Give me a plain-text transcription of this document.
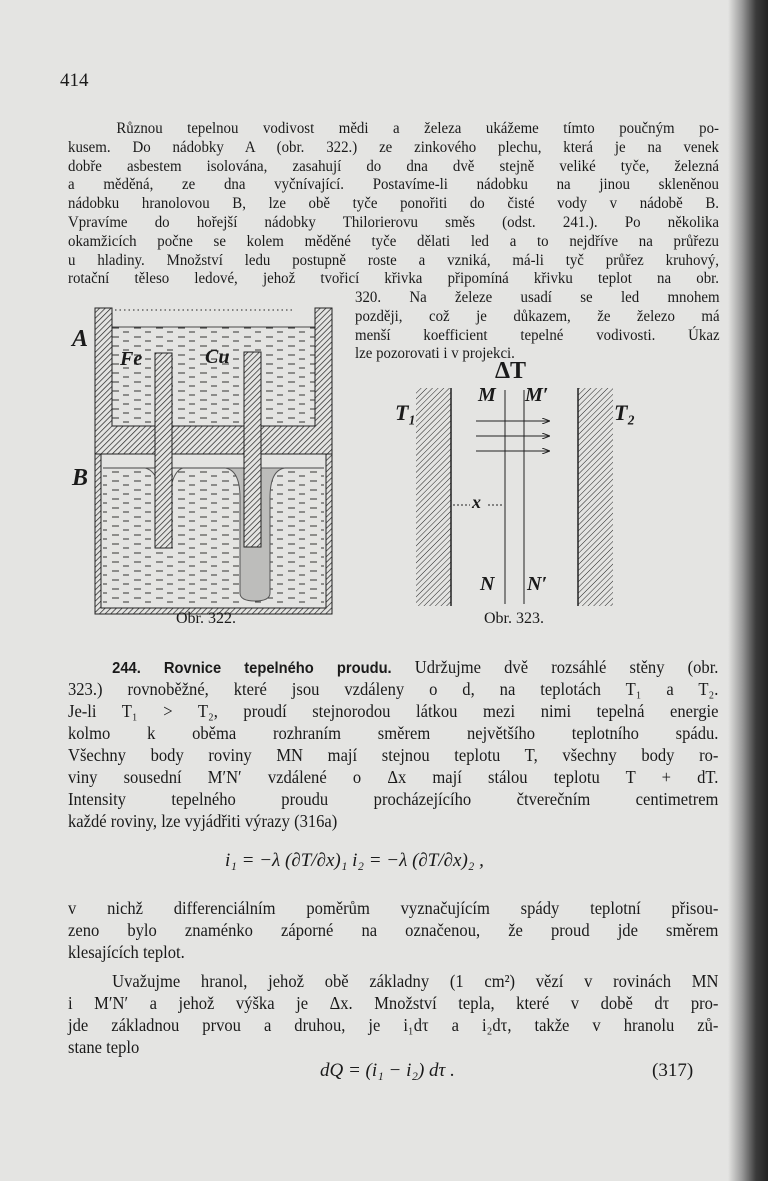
414
Různou tepelnou vodivost mědi a železa ukážeme tímto poučným po-
kusem. Do nádobky A (obr. 322.) ze zinkového plechu, která je na venek
dobře asbestem isolována, zasahují do dna dvě stejně veliké tyče, železná
a měděná, ze dna vyčnívající. Postavíme-li nádobku na jinou skleněnou
nádobku hranolovou B, lze obě tyče ponořiti do čisté vody v nádobě B.
Vpravíme do hořejší nádobky Thilorierovu směs (odst. 241.). Po několika
okamžicích počne se kolem měděné tyče dělati led a to nejdříve na průřezu
u hladiny. Množství ledu postupně roste a vzniká, má-li tyč průřez kruhový,
rotační těleso ledové, jehož tvořicí křivka připomíná křivku teplot na obr.
320. Na železe usadí se led mnohem
později, což je důkazem, že železo má
menší koefficient tepelné vodivosti. Úkaz
lze pozorovati i v projekci.
A
B
Fe	Cu
Obr. 322.
ΔT
T₁	T₂
M M′
N N′
x
Obr. 323.
244. Rovnice tepelného proudu. Udržujme dvě rozsáhlé stěny (obr.
323.) rovnoběžné, které jsou vzdáleny o d, na teplotách T₁ a T₂.
Je-li T₁ > T₂, proudí stejnorodou látkou mezi nimi tepelná energie
kolmo k oběma rozhraním směrem největšího teplotního spádu.
Všechny body roviny MN mají stejnou teplotu T, všechny body ro-
viny sousední M′N′ vzdálené o Δx mají stálou teplotu T + dT.
Intensity tepelného proudu procházejícího čtverečním centimetrem
každé roviny, lze vyjádřiti výrazy (316a)
v nichž differenciálním poměrům vyznačujícím spády teplotní přisou-
zeno bylo znaménko záporné na označenou, že proud jde směrem
klesajících teplot.
Uvažujme hranol, jehož obě základny (1 cm²) vězí v rovinách MN
i M′N′ a jehož výška je Δx. Množství tepla, které v době dτ pro-
jde základnou prvou a druhou, je i₁dτ a i₂dτ, takže v hranolu zů-
stane teplo
i₁ = −λ (∂T/∂x)₁ i₂ = −λ (∂T/∂x)₂ ,
dQ = (i₁ − i₂) dτ .	(317)
